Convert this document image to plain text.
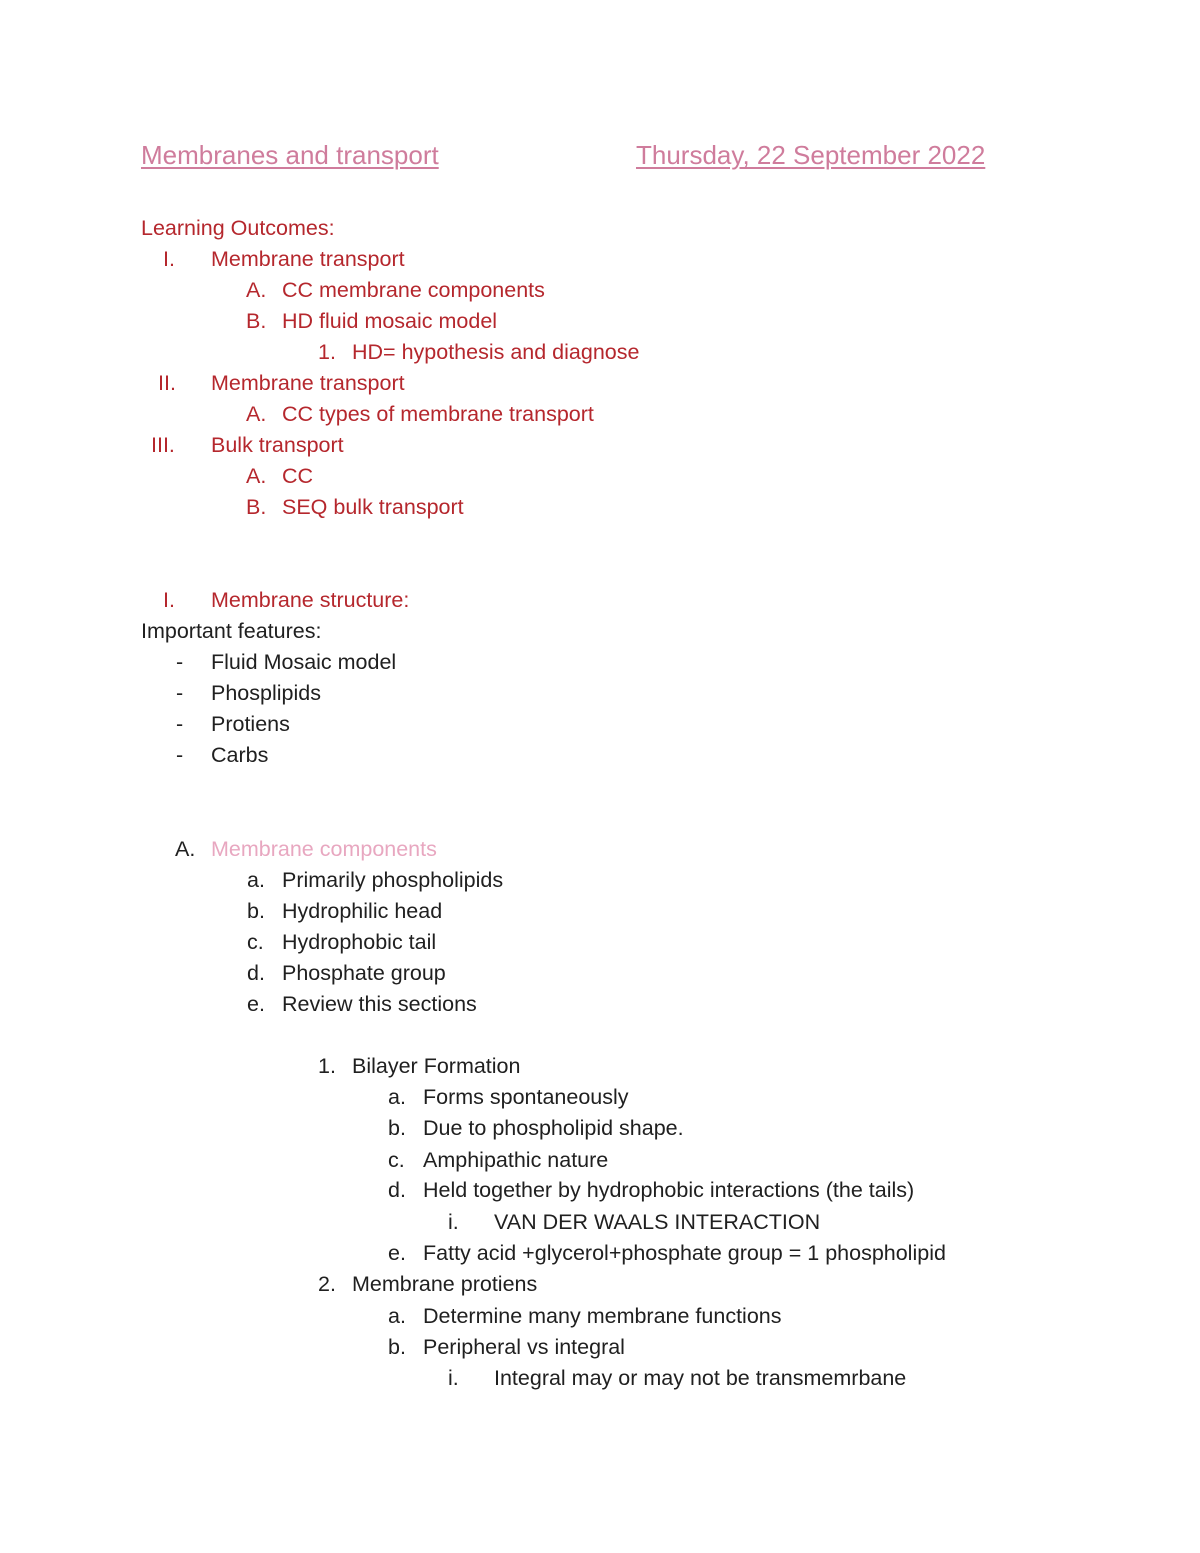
Membranes and transport	Thursday, 22 September 2022
Learning Outcomes:
I. Membrane transport
A. CC membrane components
B. HD fluid mosaic model
1. HD= hypothesis and diagnose
II. Membrane transport
A. CC types of membrane transport
III. Bulk transport
A. CC
B. SEQ bulk transport
I. Membrane structure:
Important features:
- Fluid Mosaic model
- Phosplipids
- Protiens
- Carbs
A. Membrane components
a. Primarily phospholipids
b. Hydrophilic head
c. Hydrophobic tail
d. Phosphate group
e. Review this sections
1. Bilayer Formation
a. Forms spontaneously
b. Due to phospholipid shape.
c. Amphipathic nature
d. Held together by hydrophobic interactions (the tails)
i. VAN DER WAALS INTERACTION
e. Fatty acid +glycerol+phosphate group = 1 phospholipid
2. Membrane protiens
a. Determine many membrane functions
b. Peripheral vs integral
i. Integral may or may not be transmemrbane
